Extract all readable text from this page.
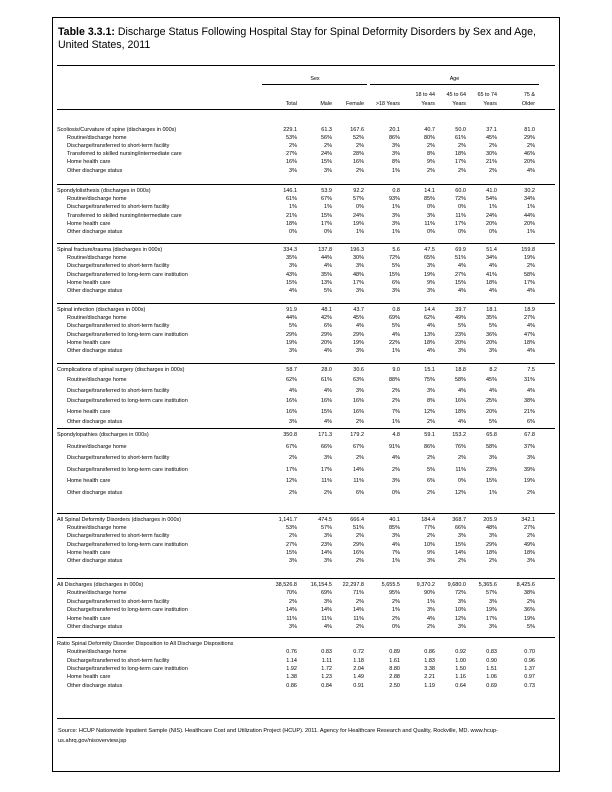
Table 3.3.1: Discharge Status Following Hospital Stay for Spinal Deformity Disorders by Sex and Age, United States, 2011
Sex	Age
Total	Male	Female	>18 Years
18 to 44
Years
45 to 64
Years
65 to 74
Years
75 &
Older
Scoliosis/Curvature of spine (discharges in 000s)	229.1	61.3	167.6	20.1	40.7	50.0	37.1	81.0
Routine/discharge home	53%	56%	52%	86%	80%	61%	45%	29%
Discharge/transferred to short-term facility	2%	2%	2%	3%	2%	2%	2%	2%
Transferred to skilled nursing/intermediate care	27%	24%	28%	3%	8%	18%	30%	46%
Home health care	16%	15%	16%	8%	9%	17%	21%	20%
Other discharge status	3%	3%	2%	1%	2%	2%	2%	4%
Spondylolisthesis (discharges in 000s)	146.1	53.9	92.2	0.8	14.1	60.0	41.0	30.2
Routine/discharge home	61%	67%	57%	93%	85%	72%	54%	34%
Discharge/transferred to short-term facility	1%	1%	0%	1%	0%	0%	1%	1%
Transferred to skilled nursing/intermediate care	21%	15%	24%	3%	3%	11%	24%	44%
Home health care	18%	17%	19%	3%	11%	17%	20%	20%
Other discharge status	0%	0%	1%	1%	0%	0%	0%	1%
Spinal fracture/trauma (discharges in 000s)	334.3	137.8	196.3	5.6	47.5	69.9	51.4	159.8
Routine/discharge home	35%	44%	30%	72%	65%	51%	34%	19%
Discharge/transferred to short-term facility	3%	4%	3%	5%	3%	4%	4%	2%
Discharge/transferred to long-term care institution	43%	35%	48%	15%	19%	27%	41%	58%
Home health care	15%	13%	17%	6%	9%	15%	18%	17%
Other discharge status	4%	5%	3%	3%	3%	4%	4%	4%
Spinal infection (discharges in 000s)	91.9	48.1	43.7	0.8	14.4	39.7	18.1	18.9
Routine/discharge home	44%	42%	45%	69%	62%	49%	35%	27%
Discharge/transferred to short-term facility	5%	6%	4%	5%	4%	5%	5%	4%
Discharge/transferred to long-term care institution	29%	29%	29%	4%	13%	23%	36%	47%
Home health care	19%	20%	19%	22%	18%	20%	20%	18%
Other discharge status	3%	4%	3%	1%	4%	3%	3%	4%
Complications of spinal surgery (discharges in 000s)	58.7	28.0	30.6	9.0	15.1	18.8	8.2	7.5
Routine/discharge home	62%	61%	63%	88%	75%	58%	45%	31%
Discharge/transferred to short-term facility	4%	4%	3%	2%	3%	4%	4%	4%
Discharge/transferred to long-term care institution	16%	16%	16%	2%	8%	16%	25%	38%
Home health care	16%	15%	16%	7%	12%	18%	20%	21%
Other discharge status	3%	4%	2%	1%	2%	4%	5%	6%
Spondylopathies (discharges in 000s)	350.8	171.3	179.2	4.8	59.1	153.2	65.8	67.8
Routine/discharge home	67%	66%	67%	91%	86%	76%	58%	37%
Discharge/transferred to short-term facility	2%	3%	2%	4%	2%	2%	3%	3%
Discharge/transferred to long-term care institution	17%	17%	14%	2%	5%	11%	23%	39%
Home health care	12%	11%	11%	3%	6%	0%	15%	19%
Other discharge status	2%	2%	6%	0%	2%	12%	1%	2%
All Spinal Deformity Disorders (discharges in 000s)	1,141.7	474.5	666.4	40.1	184.4	368.7	205.9	342.1
Routine/discharge home	53%	57%	51%	85%	77%	66%	48%	27%
Discharge/transferred to short-term facility	2%	3%	2%	3%	2%	3%	3%	2%
Discharge/transferred to long-term care institution	27%	23%	29%	4%	10%	15%	29%	49%
Home health care	15%	14%	16%	7%	9%	14%	18%	18%
Other discharge status	3%	3%	2%	1%	3%	2%	2%	3%
All Discharges (discharges in 000s)	38,526.8	16,154.5	22,297.8	5,655.5	9,370.2	9,680.0	5,365.6	8,425.6
Routine/discharge home	70%	69%	71%	95%	90%	72%	57%	38%
Discharge/transferred to short-term facility	2%	3%	2%	2%	1%	3%	3%	2%
Discharge/transferred to long-term care institution	14%	14%	14%	1%	3%	10%	19%	36%
Home health care	11%	11%	11%	2%	4%	12%	17%	19%
Other discharge status	3%	4%	2%	0%	2%	3%	3%	5%
Ratio Spinal Deformity Disorder Disposition to All Discharge Dispositions
Routine/discharge home	0.76	0.83	0.72	0.89	0.86	0.92	0.83	0.70
Discharge/transferred to short-term facility	1.14	1.11	1.18	1.61	1.83	1.00	0.90	0.96
Discharge/transferred to long-term care institution	1.92	1.72	2.04	8.80	3.38	1.50	1.51	1.37
Home health care	1.38	1.23	1.49	2.88	2.21	1.16	1.06	0.97
Other discharge status	0.86	0.84	0.91	2.50	1.19	0.64	0.69	0.73
Source: HCUP Nationwide Inpatient Sample (NIS). Healthcare Cost and Utilization Project (HCUP). 2011. Agency for Healthcare Research and Quality, Rockville, MD. www.hcup-us.ahrq.gov/nisoverview.jsp
